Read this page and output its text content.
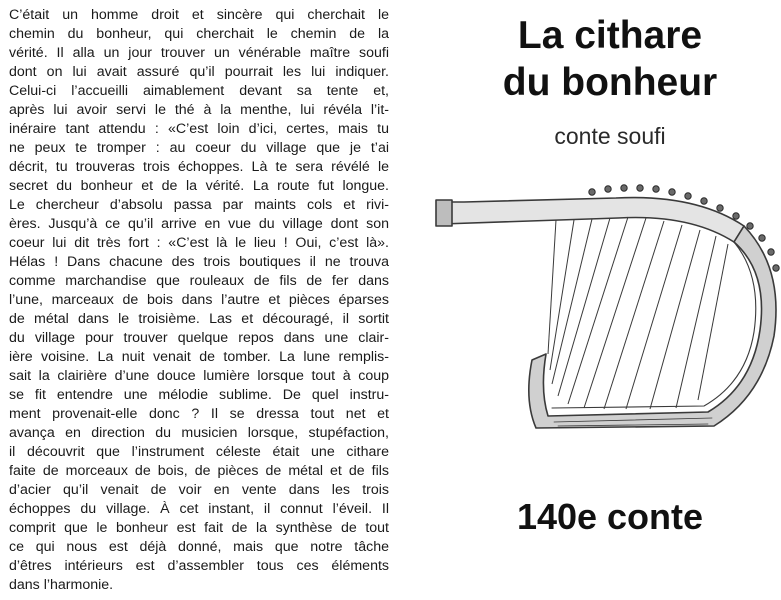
C’était un homme droit et sincère qui cherchait le
chemin du bonheur, qui cherchait le chemin de la
vérité. Il alla un jour trouver un vénérable maître soufi
dont on lui avait assuré qu’il pourrait les lui indiquer.
Celui-ci l’accueilli aimablement devant sa tente et,
après lui avoir servi le thé à la menthe, lui révéla l’it-
inéraire tant attendu : «C’est loin d’ici, certes, mais tu
ne peux te tromper : au coeur du village que je t’ai
décrit, tu trouveras trois échoppes. Là te sera révélé le
secret du bonheur et de la vérité. La route fut longue.
Le chercheur d’absolu passa par maints cols et rivi-
ères. Jusqu’à ce qu’il arrive en vue du village dont son
coeur lui dit très fort : «C’est là le lieu ! Oui, c’est là».
Hélas ! Dans chacune des trois boutiques il ne trouva
comme marchandise que rouleaux de fils de fer dans
l’une, marceaux de bois dans l’autre et pièces éparses
de métal dans le troisième. Las et découragé, il sortit
du village pour trouver quelque repos dans une clair-
ière voisine. La nuit venait de tomber. La lune remplis-
sait la clairière d’une douce lumière lorsque tout à coup
se fit entendre une mélodie sublime. De quel instru-
ment provenait-elle donc ? Il se dressa tout net et
avança en direction du musicien lorsque, stupéfaction,
il découvrit que l’instrument céleste était une cithare
faite de morceaux de bois, de pièces de métal et de fils
d’acier qu’il venait de voir en vente dans les trois
échoppes du village. À cet instant, il connut l’éveil. Il
comprit que le bonheur est fait de la synthèse de tout
ce qui nous est déjà donné, mais que notre tâche
d’êtres intérieurs est d’assembler tous ces éléments
dans l’harmonie.
La cithare
du bonheur
conte soufi
140e conte
